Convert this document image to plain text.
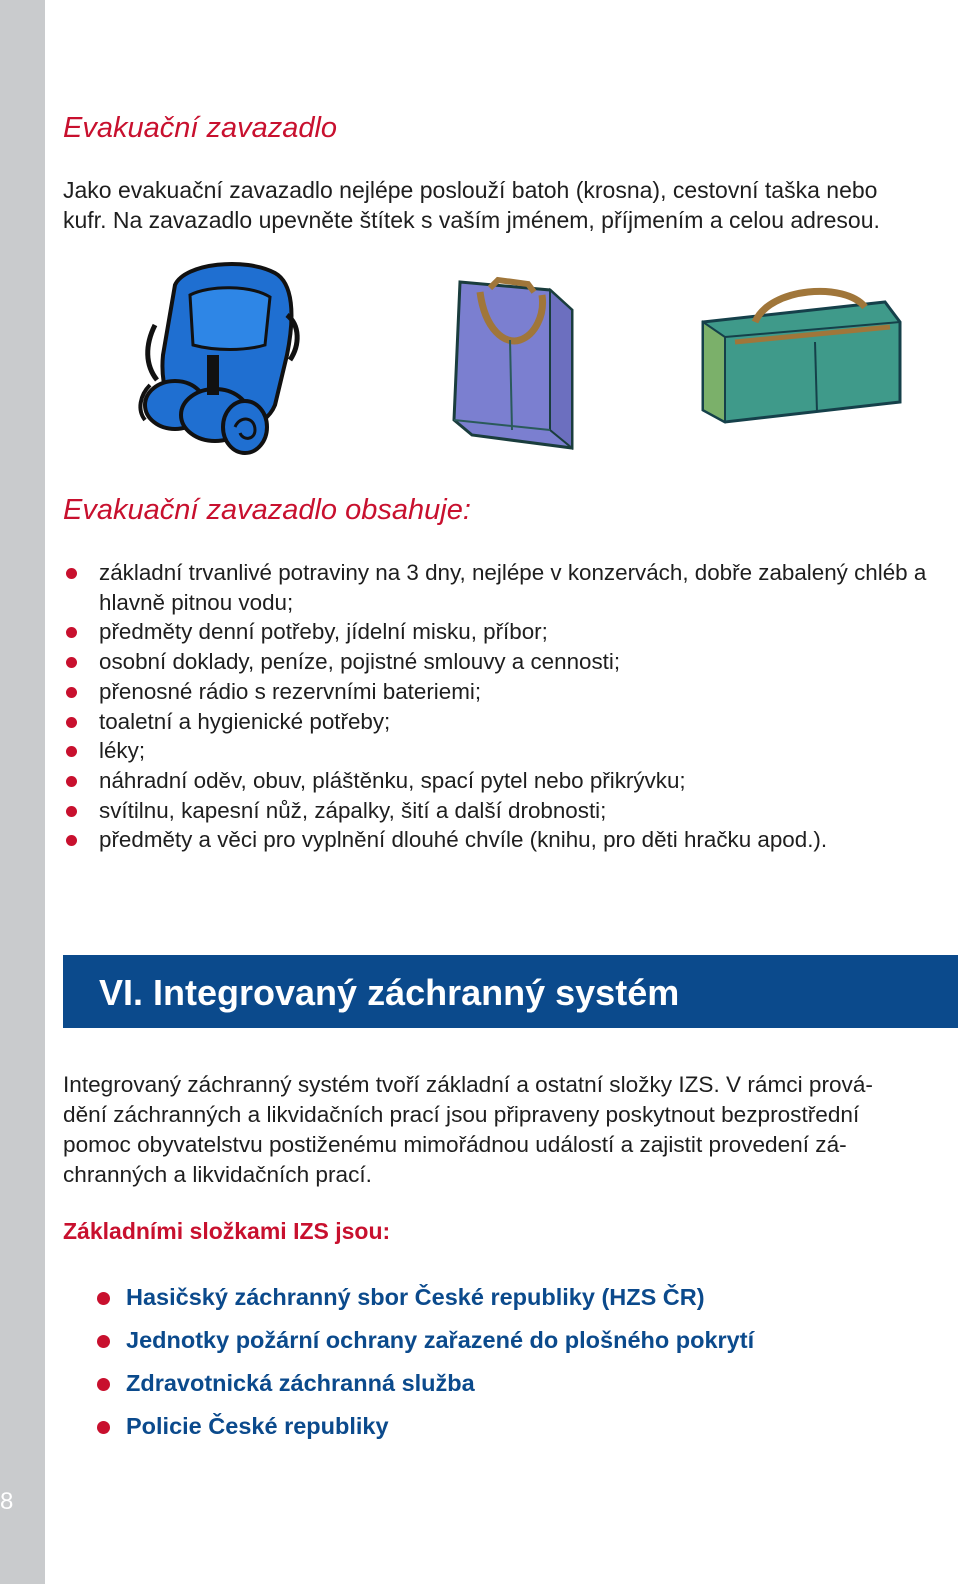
8
Evakuační zavazadlo

Jako evakuační zavazadlo nejlépe poslouží batoh (krosna), cestovní taška nebo
kufr. Na zavazadlo upevněte štítek s vaším jménem, příjmením a celou adresou.

Evakuační zavazadlo obsahuje:
základní trvanlivé potraviny na 3 dny, nejlépe v konzervách, dobře zabalený chléb a hlavně pitnou vodu;
předměty denní potřeby, jídelní misku, příbor;
osobní doklady, peníze, pojistné smlouvy a cennosti;
přenosné rádio s rezervními bateriemi;
toaletní a hygienické potřeby;
léky;
náhradní oděv, obuv, pláštěnku, spací pytel nebo přikrývku;
svítilnu, kapesní nůž, zápalky, šití a další drobnosti;
předměty a věci pro vyplnění dlouhé chvíle (knihu, pro děti hračku apod.).
VI. Integrovaný záchranný systém

Integrovaný záchranný systém tvoří základní a ostatní složky IZS. V rámci prová-
dění záchranných a likvidačních prací jsou připraveny poskytnout bezprostřední
pomoc obyvatelstvu postiženému mimořádnou událostí a zajistit provedení zá-
chranných a likvidačních prací.

Základními složkami IZS jsou:
Hasičský záchranný sbor České republiky (HZS ČR)
Jednotky požární ochrany zařazené do plošného pokrytí
Zdravotnická záchranná služba
Policie České republiky
